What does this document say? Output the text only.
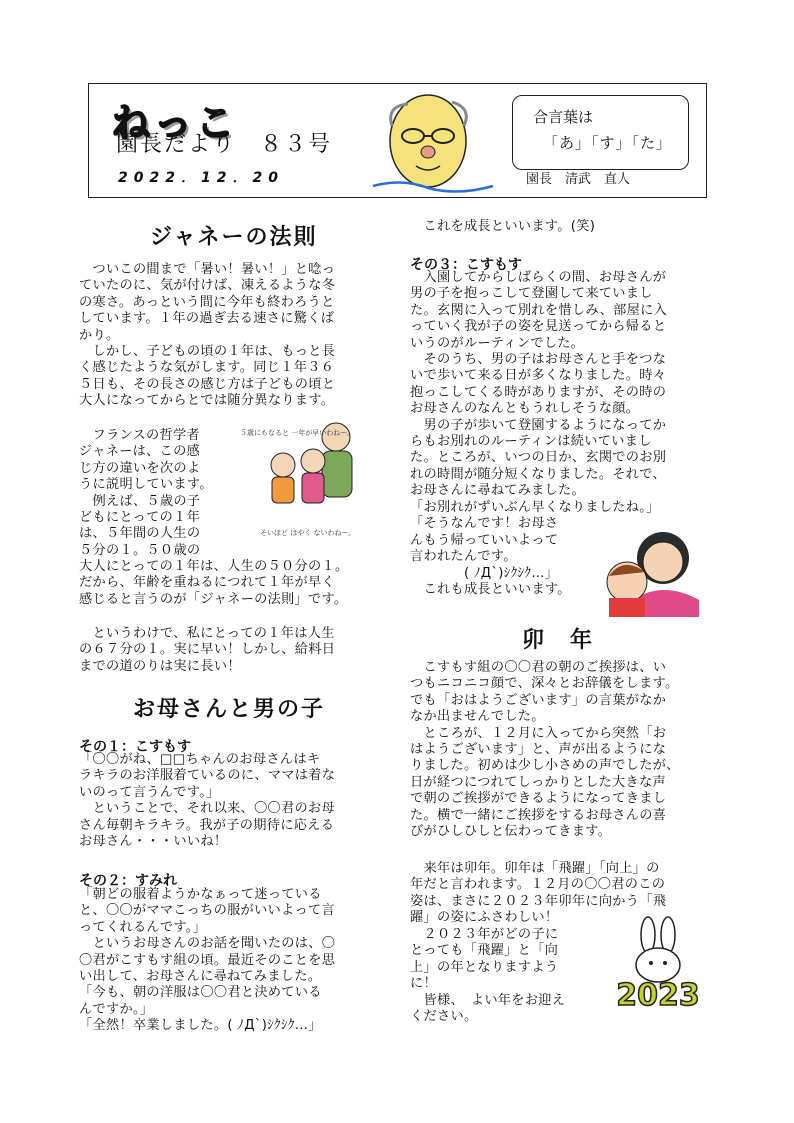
ねっこ
園長だより　８３号
2022．12．20
合言葉は
「あ」「す」「た」
園長　清武　直人
ジャネーの法則
　ついこの間まで「暑い！暑い！」と唸っ
ていたのに、気が付けば、凍えるような冬
の寒さ。あっという間に今年も終わろうと
しています。１年の過ぎ去る速さに驚くば
かり。
　しかし、子どもの頃の１年は、もっと長
く感じたような気がします。同じ１年３６
５日も、その長さの感じ方は子どもの頃と
大人になってからとでは随分異なります。
　フランスの哲学者
ジャネーは、この感
じ方の違いを次のよ
うに説明しています。
　例えば、５歳の子
どもにとっての１年
は、５年間の人生の
５分の１。５０歳の
５歳にもなると 一年が早いわねー。
そいほど はやく ないわねー。
大人にとっての１年は、人生の５０分の１。
だから、年齢を重ねるにつれて１年が早く
感じると言うのが「ジャネーの法則」です。
　というわけで、私にとっての１年は人生
の６７分の１。実に早い！しかし、給料日
までの道のりは実に長い！
お母さんと男の子
その１：こすもす
「〇〇がね、□□ちゃんのお母さんはキ
ラキラのお洋服着ているのに、ママは着な
いのって言うんです。」
　ということで、それ以来、〇〇君のお母
さん毎朝キラキラ。我が子の期待に応える
お母さん・・・いいね！
その２：すみれ
「朝どの服着ようかなぁって迷っている
と、〇〇がママこっちの服がいいよって言
ってくれるんです。」
　というお母さんのお話を聞いたのは、〇
〇君がこすもす組の頃。最近そのことを思
い出して、お母さんに尋ねてみました。
「今も、朝の洋服は〇〇君と決めている
んですか。」
「全然！卒業しました。( ﾉД`)ｼｸｼｸ…」
　これを成長といいます。(笑)
その３：こすもす
　入園してからしばらくの間、お母さんが
男の子を抱っこして登園して来ていまし
た。玄関に入って別れを惜しみ、部屋に入
っていく我が子の姿を見送ってから帰ると
いうのがルーティンでした。
　そのうち、男の子はお母さんと手をつな
いで歩いて来る日が多くなりました。時々
抱っこしてくる時がありますが、その時の
お母さんのなんともうれしそうな顔。
　男の子が歩いて登園するようになってか
らもお別れのルーティンは続いていまし
た。ところが、いつの日か、玄関でのお別
れの時間が随分短くなりました。それで、
お母さんに尋ねてみました。
「お別れがずいぶん早くなりましたね。」
「そうなんです！お母さ
んもう帰っていいよって
言われたんです。
　　　　( ﾉД`)ｼｸｼｸ…」
　これも成長といいます。
卯　年
　こすもす組の〇〇君の朝のご挨拶は、い
つもニコニコ顔で、深々とお辞儀をします。
でも「おはようございます」の言葉がなか
なか出ませんでした。
　ところが、１２月に入ってから突然「お
はようございます」と、声が出るようにな
りました。初めは少し小さめの声でしたが、
日が経つにつれてしっかりとした大きな声
で朝のご挨拶ができるようになってきまし
た。横で一緒にご挨拶をするお母さんの喜
びがひしひしと伝わってきます。
　来年は卯年。卯年は「飛躍」「向上」の
年だと言われます。１２月の〇〇君のこの
姿は、まさに２０２３年卯年に向かう「飛
躍」の姿にふさわしい！
　２０２３年がどの子に
とっても「飛躍」と「向
上」の年となりますよう
に！
　皆様、　よい年をお迎え
ください。
2023
